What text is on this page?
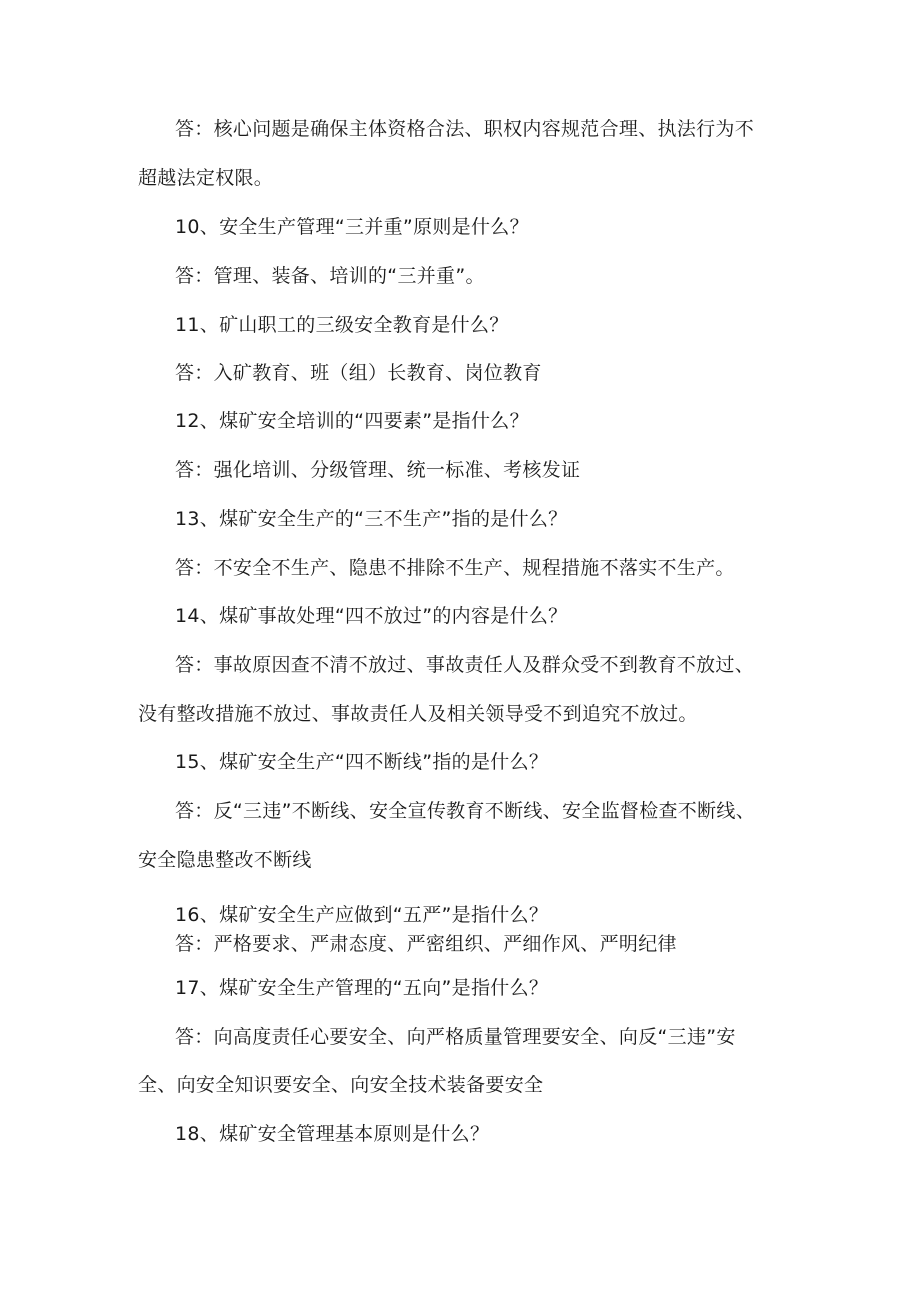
答：核心问题是确保主体资格合法、职权内容规范合理、执法行为不
超越法定权限。
10、安全生产管理“三并重”原则是什么？
答：管理、装备、培训的“三并重”。
11、矿山职工的三级安全教育是什么？
答：入矿教育、班（组）长教育、岗位教育
12、煤矿安全培训的“四要素”是指什么？
答：强化培训、分级管理、统一标准、考核发证
13、煤矿安全生产的“三不生产”指的是什么？
答：不安全不生产、隐患不排除不生产、规程措施不落实不生产。
14、煤矿事故处理“四不放过”的内容是什么？
答：事故原因查不清不放过、事故责任人及群众受不到教育不放过、
没有整改措施不放过、事故责任人及相关领导受不到追究不放过。
15、煤矿安全生产“四不断线”指的是什么？
答：反“三违”不断线、安全宣传教育不断线、安全监督检查不断线、
安全隐患整改不断线
16、煤矿安全生产应做到“五严”是指什么？
答：严格要求、严肃态度、严密组织、严细作风、严明纪律
17、煤矿安全生产管理的“五向”是指什么？
答：向高度责任心要安全、向严格质量管理要安全、向反“三违”安
全、向安全知识要安全、向安全技术装备要安全
18、煤矿安全管理基本原则是什么？
